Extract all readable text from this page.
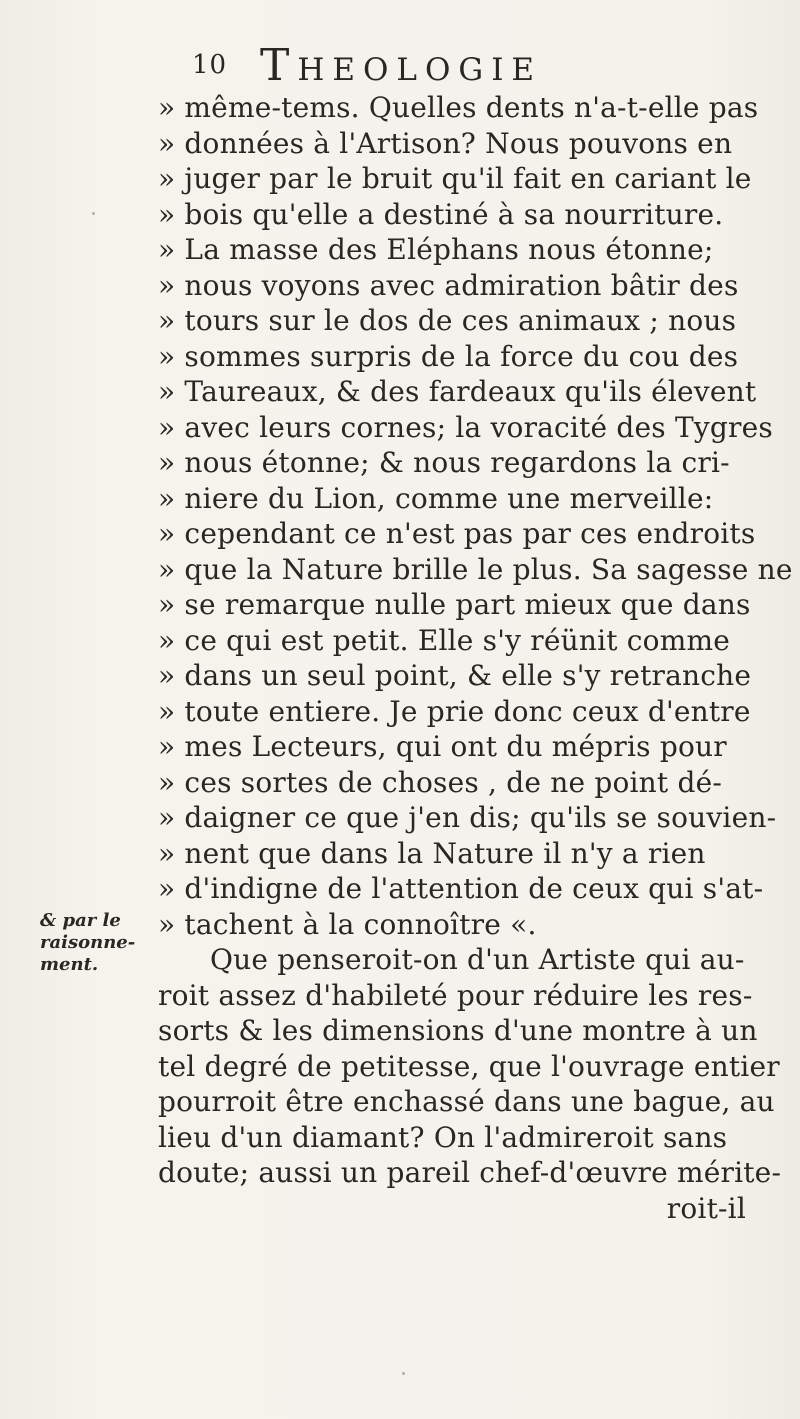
10 Theologie
& par le
raisonne-
ment.
» même-tems. Quelles dents n'a-t-elle pas
» données à l'Artison? Nous pouvons en
» juger par le bruit qu'il fait en cariant le
» bois qu'elle a destiné à sa nourriture.
» La masse des Eléphans nous étonne;
» nous voyons avec admiration bâtir des
» tours sur le dos de ces animaux ; nous
» sommes surpris de la force du cou des
» Taureaux, & des fardeaux qu'ils élevent
» avec leurs cornes; la voracité des Tygres
» nous étonne; & nous regardons la cri-
» niere du Lion, comme une merveille:
» cependant ce n'est pas par ces endroits
» que la Nature brille le plus. Sa sagesse ne
» se remarque nulle part mieux que dans
» ce qui est petit. Elle s'y réünit comme
» dans un seul point, & elle s'y retranche
» toute entiere. Je prie donc ceux d'entre
» mes Lecteurs, qui ont du mépris pour
» ces sortes de choses , de ne point dé-
» daigner ce que j'en dis; qu'ils se souvien-
» nent que dans la Nature il n'y a rien
» d'indigne de l'attention de ceux qui s'at-
» tachent à la connoître «.
Que penseroit-on d'un Artiste qui au-
roit assez d'habileté pour réduire les res-
sorts & les dimensions d'une montre à un
tel degré de petitesse, que l'ouvrage entier
pourroit être enchassé dans une bague, au
lieu d'un diamant? On l'admireroit sans
doute; aussi un pareil chef-d'œuvre mérite-
roit-il
